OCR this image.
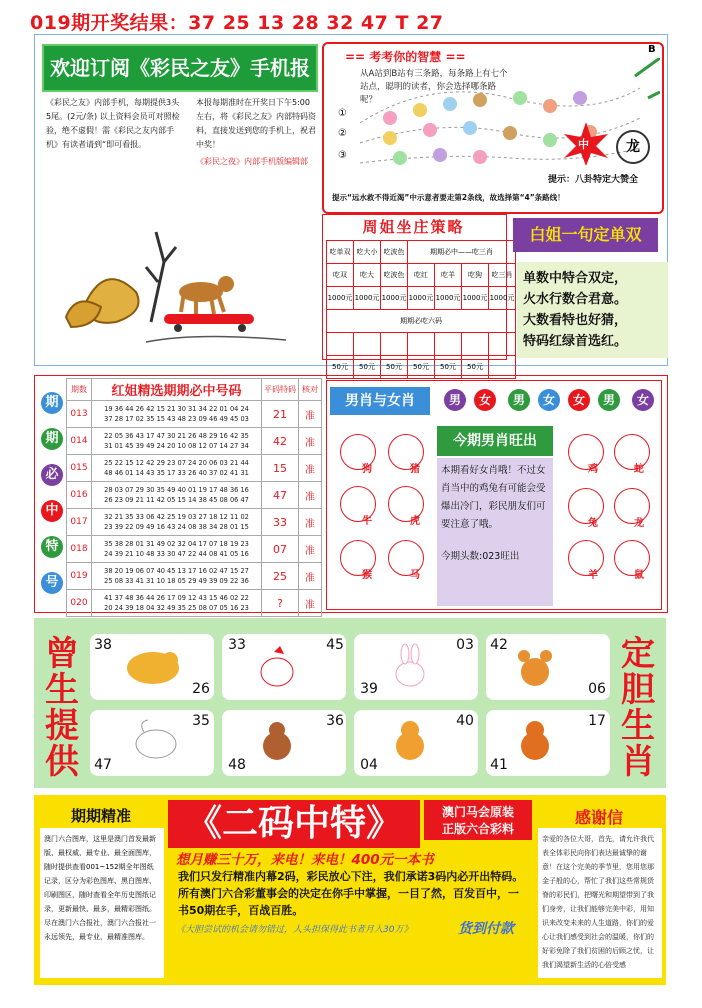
019期开奖结果：37 25 13 28 32 47 T 27
欢迎订阅《彩民之友》手机报
《彩民之友》内部手机，每期提供3头5尾。(2元/条) 以上资料会员可对照检验，绝不虚假！需《彩民之友内部手机》有读者请到“即可看报。
本报每期准时在开奖日下午5:00左右，将《彩民之友》内部特码资料，直接发送到您的手机上，祝君中奖！
《彩民之夜》内部手机版编辑部
== 考考你的智慧 ==
B
从A站到B站有三条路，每条路上有七个站点，聪明的读者，你会选择哪条路呢？
①
②
③
中	龙
提示：八卦特定大赞全
提示“远水救不得近渴”中示意者要走第2条线，故选择第“4”条路线！
周姐坐庄策略
吃单双	吃大小	吃波色	期期必中——吃三肖			
吃双	吃大	吃波色	吃红	吃羊	吃狗	吃三肖
1000元	1000元	1000元	1000元	1000元	1000元	1000元
期期必吃六码						

50元	50元	50元	50元	50元	50元	
白姐一句定单双
单数中特合双定，
火水行数合君意。
大数看特也好猜，
特码红绿首选红。
期
期
必
中
特
号
期数	红姐精选期期必中号码	平码特码	核对
013	19 36 44 26 42 15 21 30 31 34 22 01 04 24
37 28 17 02 35 15 43 48 23 09 46 49 45 03	21	准
014	22 05 36 43 17 47 30 21 26 48 29 16 42 35
31 01 45 39 49 24 20 10 08 12 07 14 27 34	42	准
015	25 22 15 12 42 29 23 07 24 20 06 03 21 44
48 46 01 14 43 35 17 33 26 40 37 02 41 31	15	准
016	28 03 07 29 30 35 49 40 01 19 17 48 36 16
26 23 09 21 11 42 05 15 14 38 45 08 06 47	47	准
017	32 21 35 33 06 42 25 19 03 27 18 12 11 02
23 39 22 09 49 16 43 24 08 38 34 28 01 15	33	准
018	35 38 28 01 31 49 02 32 04 17 07 18 19 23
24 39 21 10 48 33 30 47 22 44 08 41 05 16	07	准
019	38 20 19 06 07 40 45 13 17 16 02 47 15 27
25 08 33 41 31 10 18 05 29 49 39 09 22 36	25	准
020	41 37 48 36 44 26 17 09 12 43 15 46 02 22
20 24 39 18 04 32 49 35 25 08 07 05 16 23	?	准
男肖与女肖	男	女	男	女	女	男	女
狗	猪
牛	虎
猴	马
今期男肖旺出
本期看好女肖哦！不过女肖当中的鸡兔有可能会受爆出冷门，彩民朋友们可要注意了哦。
今期头数:023旺出
鸡	蛇
兔	龙
羊	鼠
曾
生
提
供
定
胆
生
肖
38
26
33	45
39
03 42
06
35
47	48
36
04
40	17
41
期期精准
澳门六合图库，这里是澳门首发最新版、最权威、最专业、最全面图库，随时提供查看001~152期全年图纸记录，区分为彩色图库、黑白图库、印刷图区，随时查看全年历史图纸记录，更新最快、最多，最精彩图纸。尽在澳门六合报社，澳门六合报社一永远领先，最专业，最精准图库。
《二码中特》	澳门马会原装
正版六合彩料
想月赚三十万，来电！来电！400元一本书
我们只发行精准内幕2码，彩民放心下注，我们承诺3码内必开出特码。所有澳门六合彩董事会的决定在你手中掌握，一目了然，百发百中，一书50期在手，百战百胜。
《大胆尝试的机会请勿错过，人头担保得此书者月入30万》	货到付款
感谢信
亲爱的各位大哥，首先，请允许我代表全体彩民向你们表达最诚挚的谢意！在这个完美的季节里，您用您那金子般的心，帮忙了我们这些常规货脊的彩民们，把曙光和期望带到了我们身旁，让我们能够完美中彩，用知识来改变未来的人生道路，你们的爱心让我们感受到社会的温暖，你们的好彩免除了我们贫困的后顾之忧，让我们渴望新生活的心倍受感
